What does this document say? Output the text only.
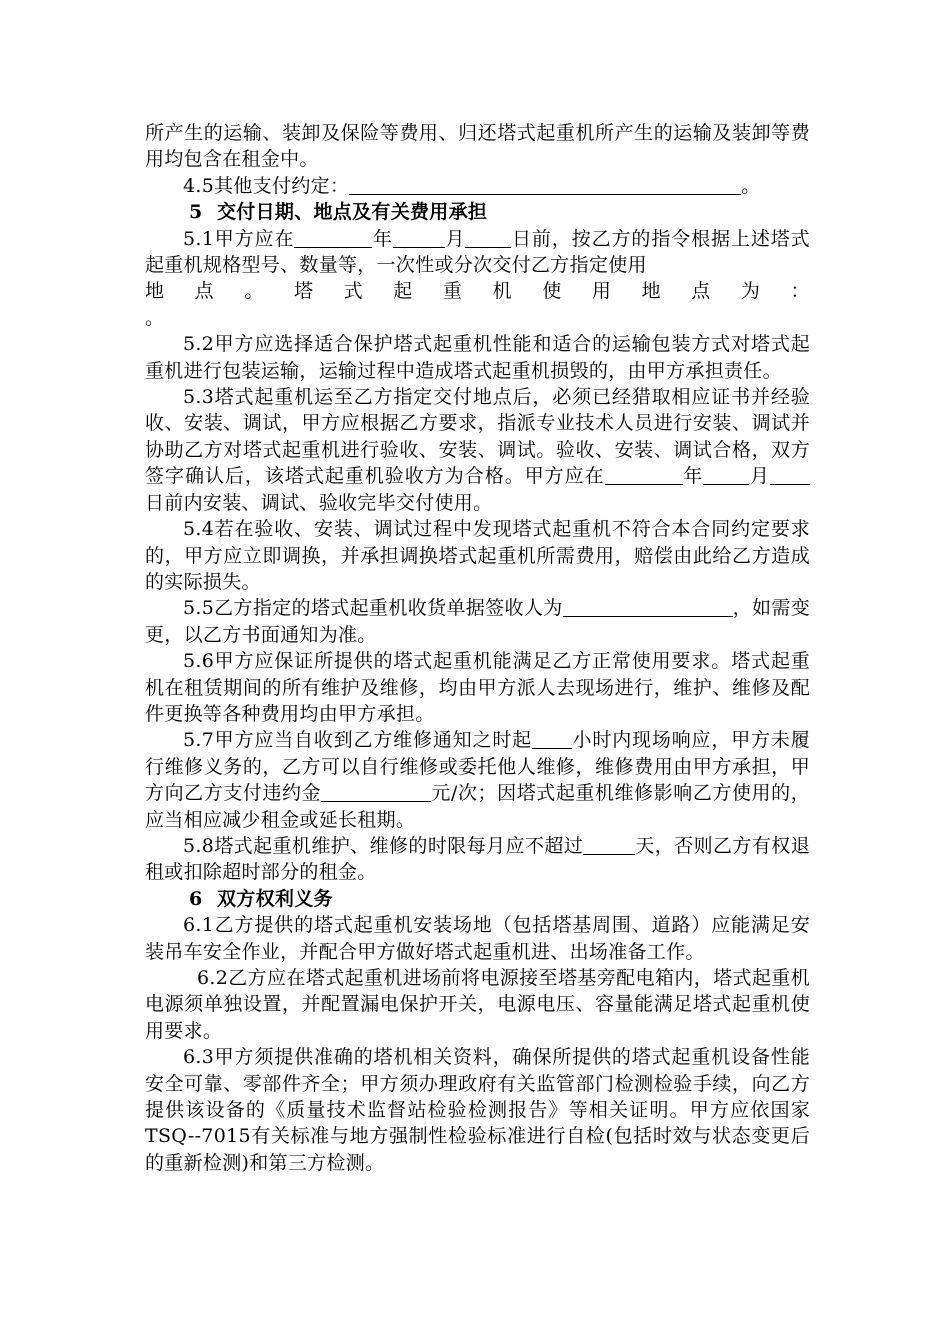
所产生的运输、装卸及保险等费用、归还塔式起重机所产生的运输及装卸等费用均包含在租金中。

4.5其他支付约定：	。

5 交付日期、地点及有关费用承担

5.1甲方应在	年	月 日前，按乙方的指令根据上述塔式起重机规格型号、数量等，一次性或分次交付乙方指定使用

地 点 。 塔 式 起 重 机 使 用 地 点 为 ：

。

5.2甲方应选择适合保护塔式起重机性能和适合的运输包装方式对塔式起重机进行包装运输，运输过程中造成塔式起重机损毁的，由甲方承担责任。

5.3塔式起重机运至乙方指定交付地点后，必须已经猎取相应证书并经验收、安装、调试，甲方应根据乙方要求，指派专业技术人员进行安装、调试并协助乙方对塔式起重机进行验收、安装、调试。验收、安装、调试合格，双方签字确认后，该塔式起重机验收方为合格。甲方应在	年 月日前内安装、调试、验收完毕交付使用。

5.4若在验收、安装、调试过程中发现塔式起重机不符合本合同约定要求的，甲方应立即调换，并承担调换塔式起重机所需费用，赔偿由此给乙方造成的实际损失。

5.5乙方指定的塔式起重机收货单据签收人为	，如需变更，以乙方书面通知为准。

5.6甲方应保证所提供的塔式起重机能满足乙方正常使用要求。塔式起重机在租赁期间的所有维护及维修，均由甲方派人去现场进行，维护、维修及配件更换等各种费用均由甲方承担。

5.7甲方应当自收到乙方维修通知之时起 小时内现场响应，甲方未履行维修义务的，乙方可以自行维修或委托他人维修，维修费用由甲方承担，甲方向乙方支付违约金	元/次；因塔式起重机维修影响乙方使用的，应当相应减少租金或延长租期。

5.8塔式起重机维护、维修的时限每月应不超过	天，否则乙方有权退租或扣除超时部分的租金。

6 双方权利义务

6.1乙方提供的塔式起重机安装场地（包括塔基周围、道路）应能满足安装吊车安全作业，并配合甲方做好塔式起重机进、出场准备工作。

6.2乙方应在塔式起重机进场前将电源接至塔基旁配电箱内，塔式起重机电源须单独设置，并配置漏电保护开关，电源电压、容量能满足塔式起重机使用要求。

6.3甲方须提供准确的塔机相关资料，确保所提供的塔式起重机设备性能安全可靠、零部件齐全；甲方须办理政府有关监管部门检测检验手续，向乙方提供该设备的《质量技术监督站检验检测报告》等相关证明。甲方应依国家TSQ--7015有关标准与地方强制性检验标准进行自检(包括时效与状态变更后的重新检测)和第三方检测。
